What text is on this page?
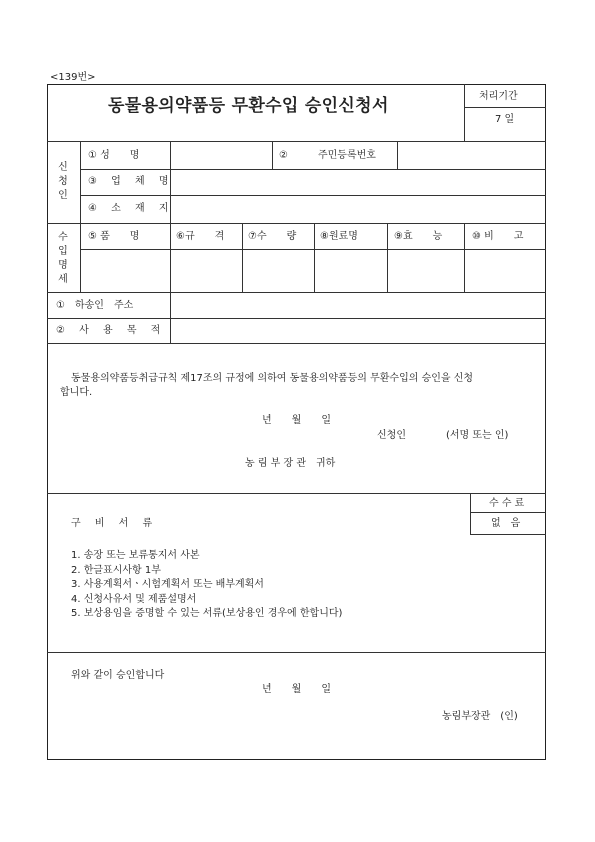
<139번>
동물용의약품등 무환수입 승인신청서	처리기간
7 일
신청인
① 성　　명	②　　　주민등록번호
③ 업 체 명
④ 소 재 지
수입명세
⑤ 품　　명	⑥규　　격 ⑦수　　량 ⑧원료명	⑨효　　능	⑩ 비　　고
①　하송인　주소
② 사 용 목 적
동물용의약품등취급규칙 제17조의 규정에 의하여 동물용의약품등의 무환수입의 승인을 신청
합니다.
년　　월　　일
신청인　　　　(서명 또는 인)
농 림 부 장 관　귀하
수 수 료
없　음
구 비 서 류
1. 송장 또는 보류통지서 사본
2. 한글표시사항 1부
3. 사용계획서ㆍ시험계획서 또는 배부계획서
4. 신청사유서 및 제품설명서
5. 보상용임을 증명할 수 있는 서류(보상용인 경우에 한합니다)
위와 같이 승인합니다
년　　월　　일
농림부장관　(인)
